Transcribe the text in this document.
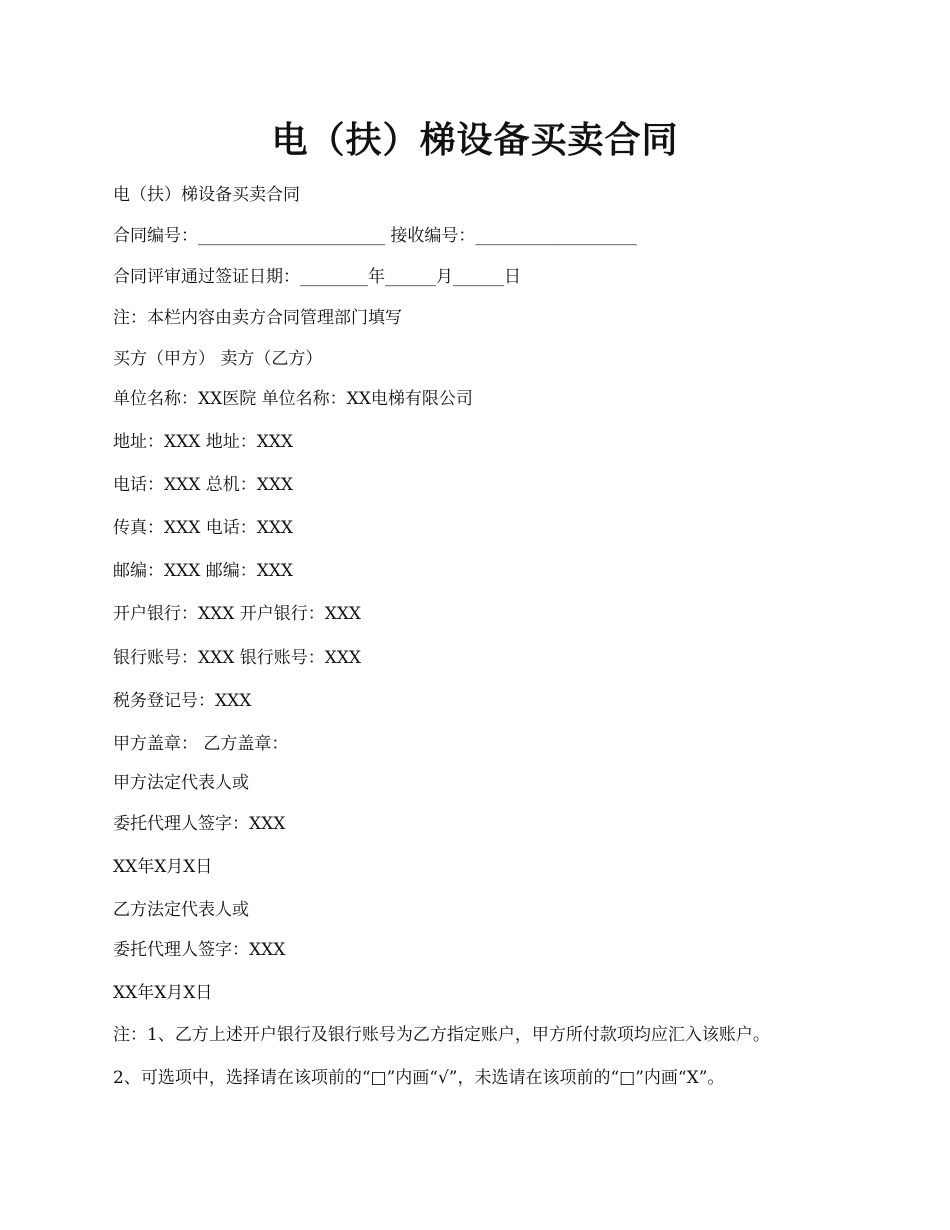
电（扶）梯设备买卖合同
电（扶）梯设备买卖合同
合同编号：______________________ 接收编号：___________________
合同评审通过签证日期：________年______月______日
注：本栏内容由卖方合同管理部门填写
买方（甲方） 卖方（乙方）
单位名称：XX医院 单位名称：XX电梯有限公司
地址：XXX 地址：XXX
电话：XXX 总机：XXX
传真：XXX 电话：XXX
邮编：XXX 邮编：XXX
开户银行：XXX 开户银行：XXX
银行账号：XXX 银行账号：XXX
税务登记号：XXX
甲方盖章： 乙方盖章：
甲方法定代表人或
委托代理人签字：XXX
XX年X月X日
乙方法定代表人或
委托代理人签字：XXX
XX年X月X日
注：1、乙方上述开户银行及银行账号为乙方指定账户，甲方所付款项均应汇入该账户。
2、可选项中，选择请在该项前的“□”内画“√”，未选请在该项前的“□”内画“X”。
